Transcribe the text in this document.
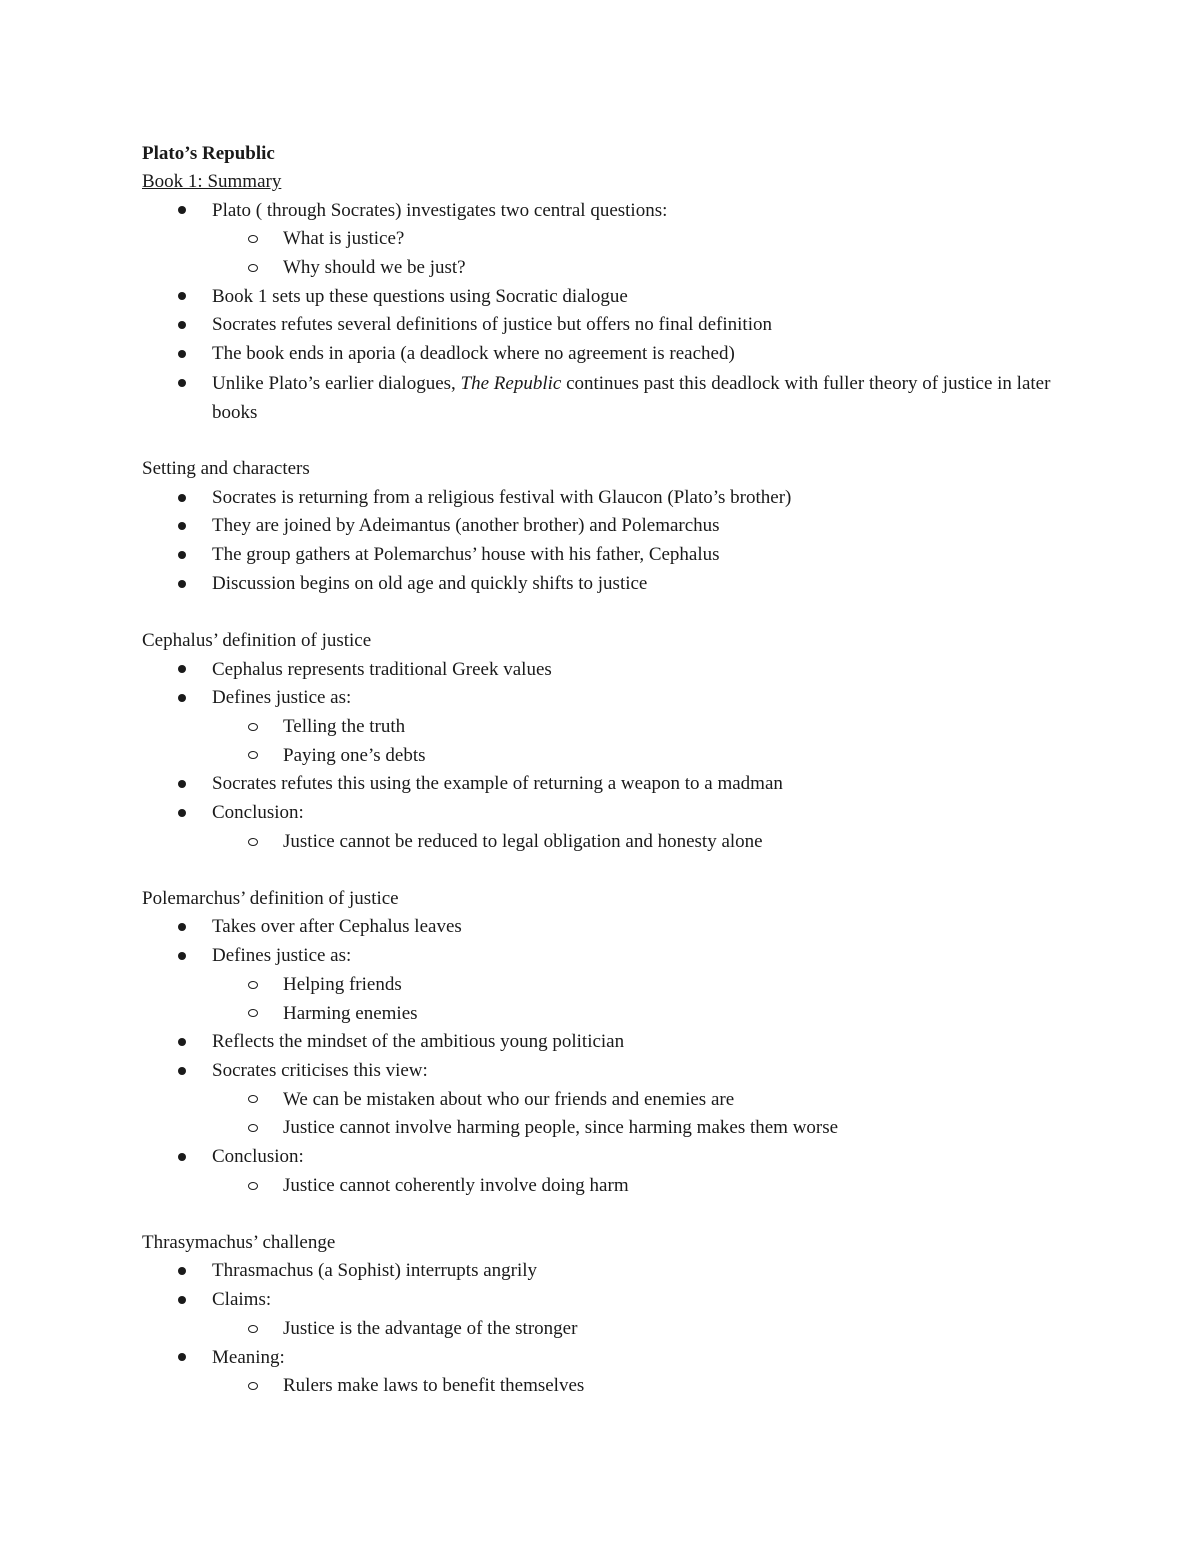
Plato’s Republic
Book 1: Summary
Plato ( through Socrates) investigates two central questions:
What is justice?
Why should we be just?
Book 1 sets up these questions using Socratic dialogue
Socrates refutes several definitions of justice but offers no final definition
The book ends in aporia (a deadlock where no agreement is reached)
Unlike Plato’s earlier dialogues, The Republic continues past this deadlock with fuller theory of justice in later books
Setting and characters
Socrates is returning from a religious festival with Glaucon (Plato’s brother)
They are joined by Adeimantus (another brother) and Polemarchus
The group gathers at Polemarchus’ house with his father, Cephalus
Discussion begins on old age and quickly shifts to justice
Cephalus’ definition of justice
Cephalus represents traditional Greek values
Defines justice as:
Telling the truth
Paying one’s debts
Socrates refutes this using the example of returning a weapon to a madman
Conclusion:
Justice cannot be reduced to legal obligation and honesty alone
Polemarchus’ definition of justice
Takes over after Cephalus leaves
Defines justice as:
Helping friends
Harming enemies
Reflects the mindset of the ambitious young politician
Socrates criticises this view:
We can be mistaken about who our friends and enemies are
Justice cannot involve harming people, since harming makes them worse
Conclusion:
Justice cannot coherently involve doing harm
Thrasymachus’ challenge
Thrasmachus (a Sophist) interrupts angrily
Claims:
Justice is the advantage of the stronger
Meaning:
Rulers make laws to benefit themselves
